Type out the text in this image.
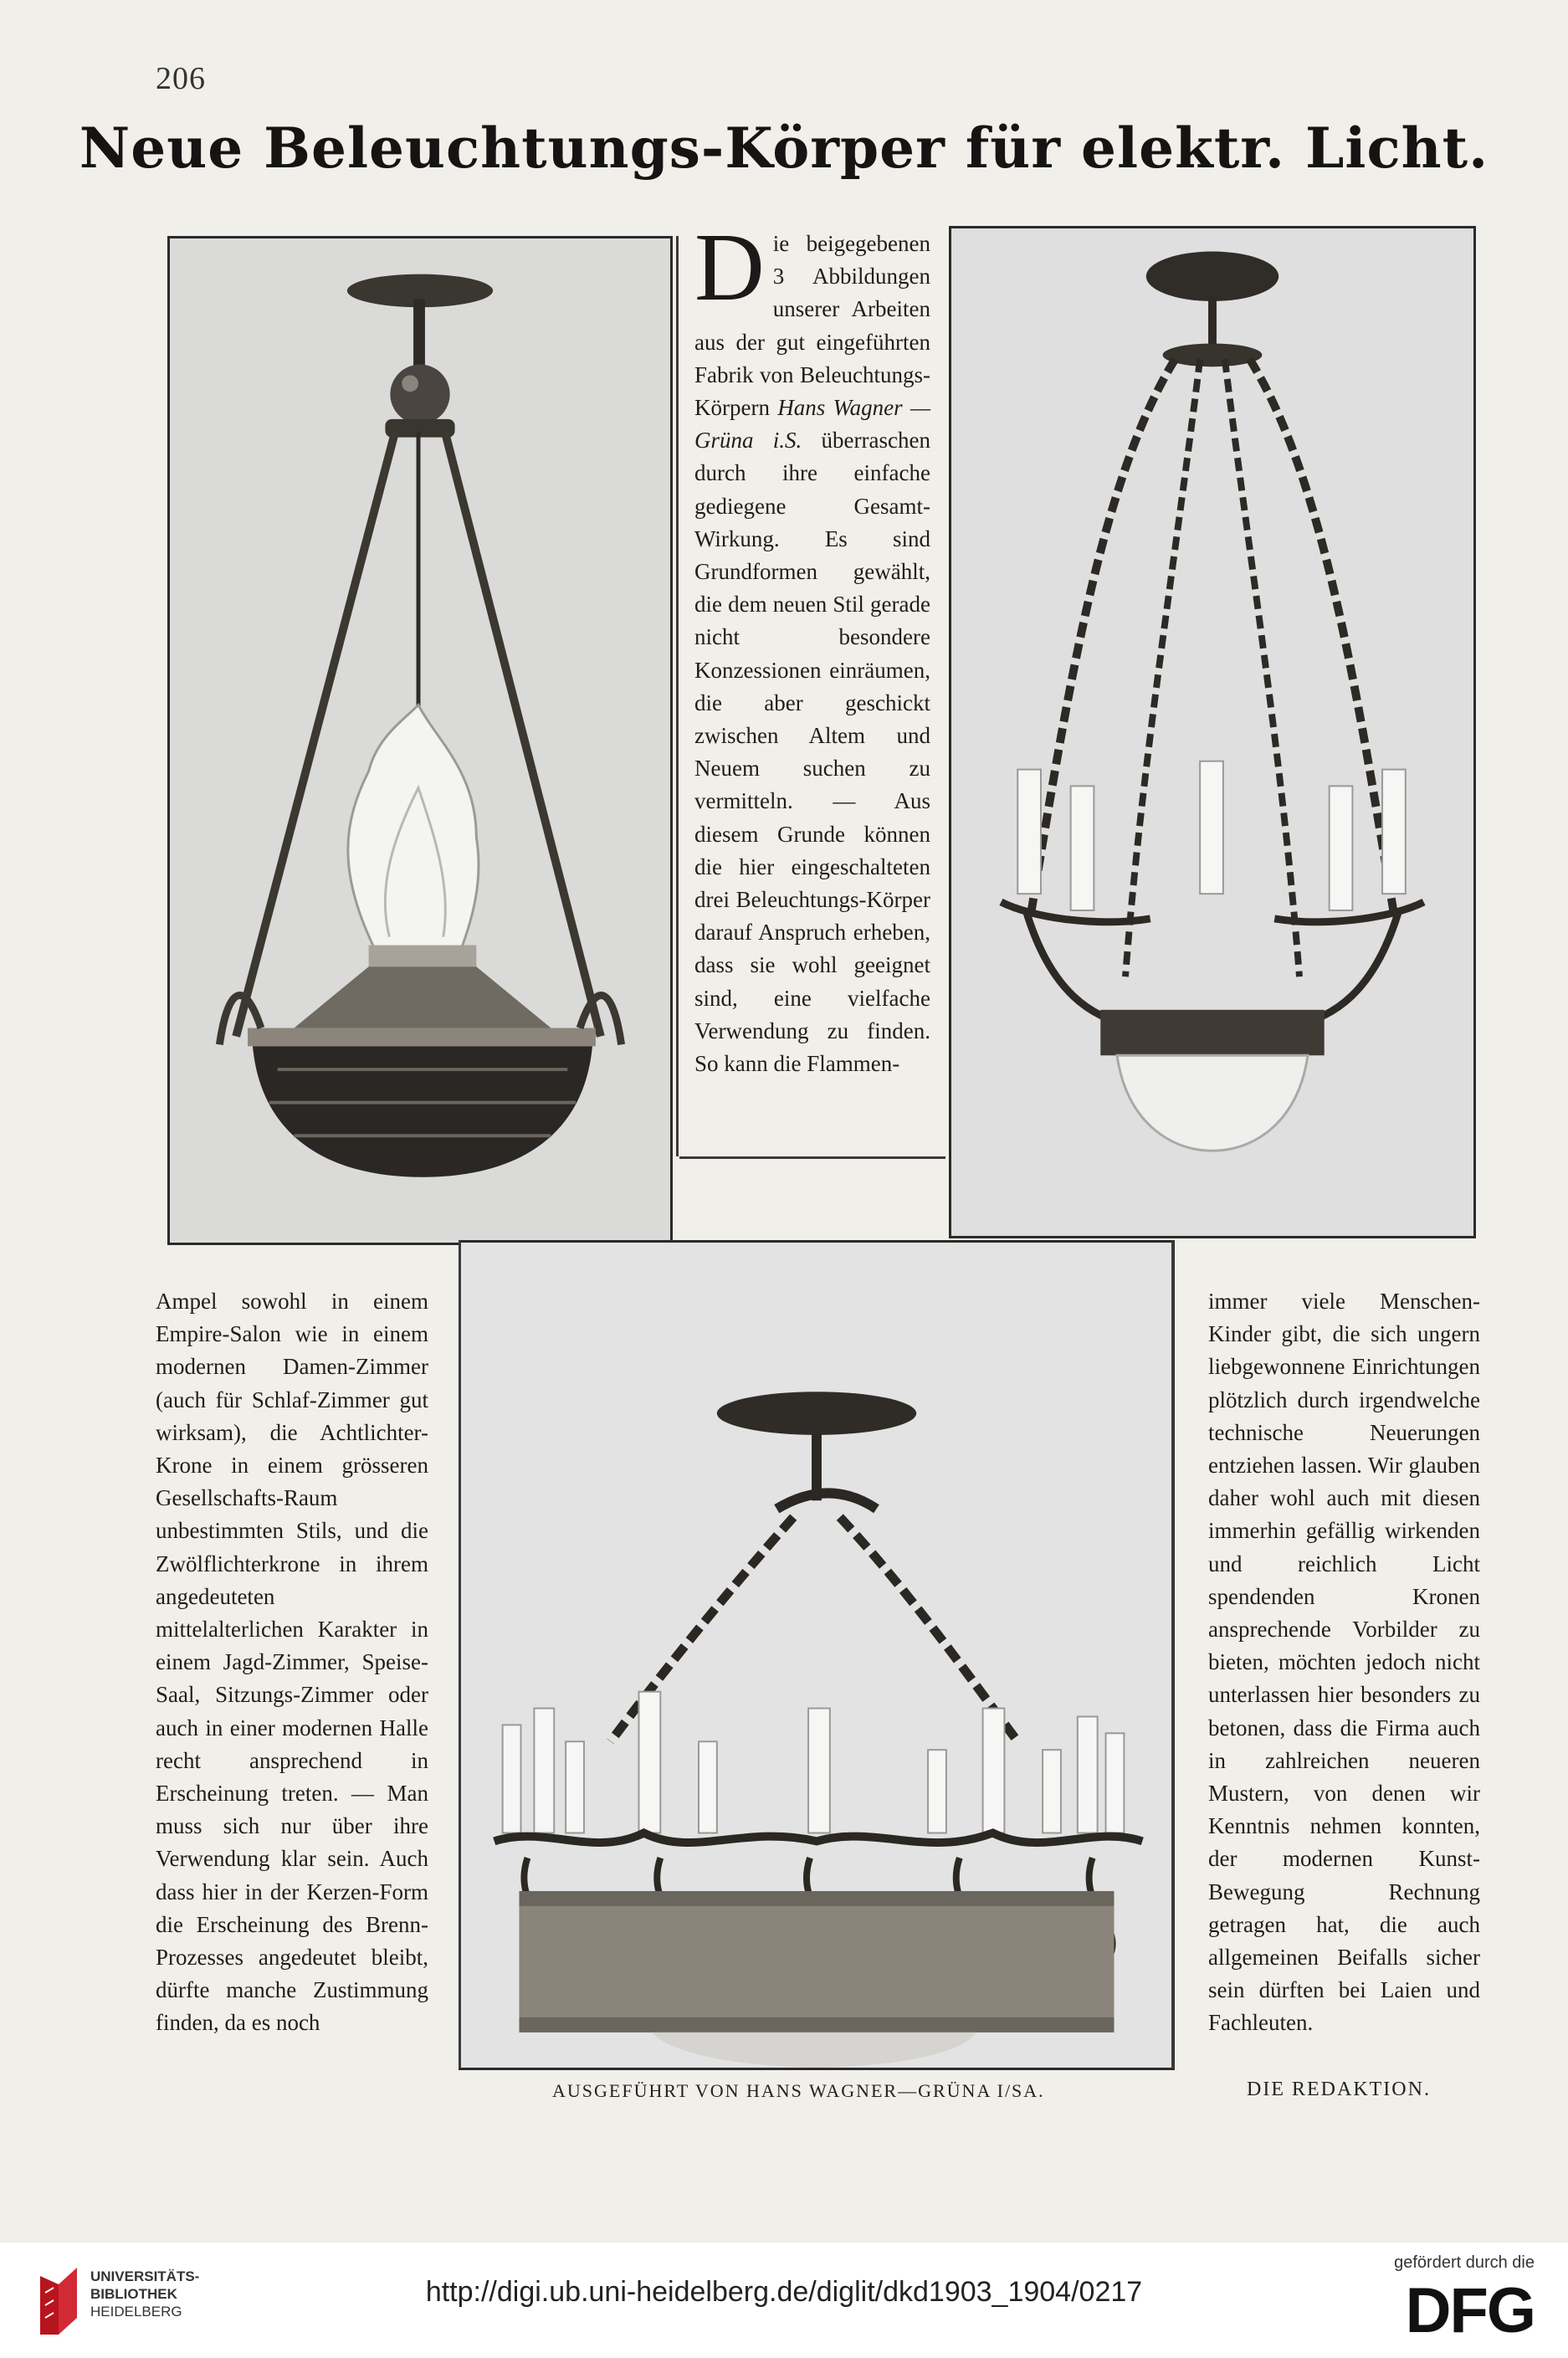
206
Neue Beleuchtungs-Körper für elektr. Licht.

Die beigegebenen 3 Abbildungen unserer Arbeiten aus der gut eingeführten Fabrik von Beleuchtungs-Körpern Hans Wagner — Grüna i.S. überraschen durch ihre einfache gediegene Gesamt-Wirkung. Es sind Grundformen gewählt, die dem neuen Stil gerade nicht besondere Konzessionen einräumen, die aber geschickt zwischen Altem und Neuem suchen zu vermitteln. — Aus diesem Grunde können die hier eingeschalteten drei Beleuchtungs-Körper darauf Anspruch erheben, dass sie wohl geeignet sind, eine vielfache Verwendung zu finden. So kann die Flammen-

Ampel sowohl in einem Empire-Salon wie in einem modernen Damen-Zimmer (auch für Schlaf-Zimmer gut wirksam), die Achtlichter-Krone in einem grösseren Gesellschafts-Raum unbestimmten Stils, und die Zwölflichterkrone in ihrem angedeuteten mittelalterlichen Karakter in einem Jagd-Zimmer, Speise-Saal, Sitzungs-Zimmer oder auch in einer modernen Halle recht ansprechend in Erscheinung treten. — Man muss sich nur über ihre Verwendung klar sein. Auch dass hier in der Kerzen-Form die Erscheinung des Brenn-Prozesses angedeutet bleibt, dürfte manche Zustimmung finden, da es noch

immer viele Menschen-Kinder gibt, die sich ungern liebgewonnene Einrichtungen plötzlich durch irgendwelche technische Neuerungen entziehen lassen. Wir glauben daher wohl auch mit diesen immerhin gefällig wirkenden und reichlich Licht spendenden Kronen ansprechende Vorbilder zu bieten, möchten jedoch nicht unterlassen hier besonders zu betonen, dass die Firma auch in zahlreichen neueren Mustern, von denen wir Kenntnis nehmen konnten, der modernen Kunst-Bewegung Rechnung getragen hat, die auch allgemeinen Beifalls sicher sein dürften bei Laien und Fachleuten.

AUSGEFÜHRT VON HANS WAGNER—GRÜNA I/SA.	DIE REDAKTION.
UNIVERSITÄTS-
BIBLIOTHEK
HEIDELBERG
http://digi.ub.uni-heidelberg.de/diglit/dkd1903_1904/0217
gefördert durch die
DFG
